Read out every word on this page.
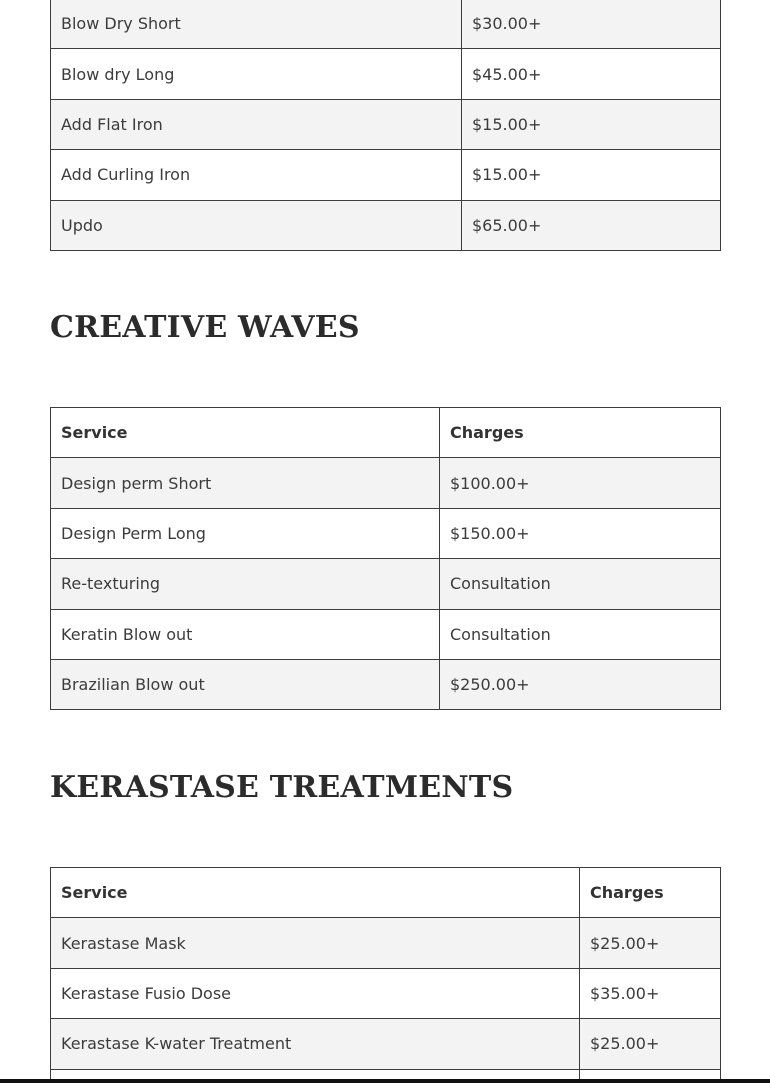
Blow Dry Short	$30.00+
Blow dry Long	$45.00+
Add Flat Iron	$15.00+
Add Curling Iron	$15.00+
Updo	$65.00+
CREATIVE WAVES
Service	Charges
Design perm Short	$100.00+
Design Perm Long	$150.00+
Re-texturing	Consultation
Keratin Blow out	Consultation
Brazilian Blow out	$250.00+
KERASTASE TREATMENTS
Service	Charges
Kerastase Mask	$25.00+
Kerastase Fusio Dose	$35.00+
Kerastase K-water Treatment	$25.00+
